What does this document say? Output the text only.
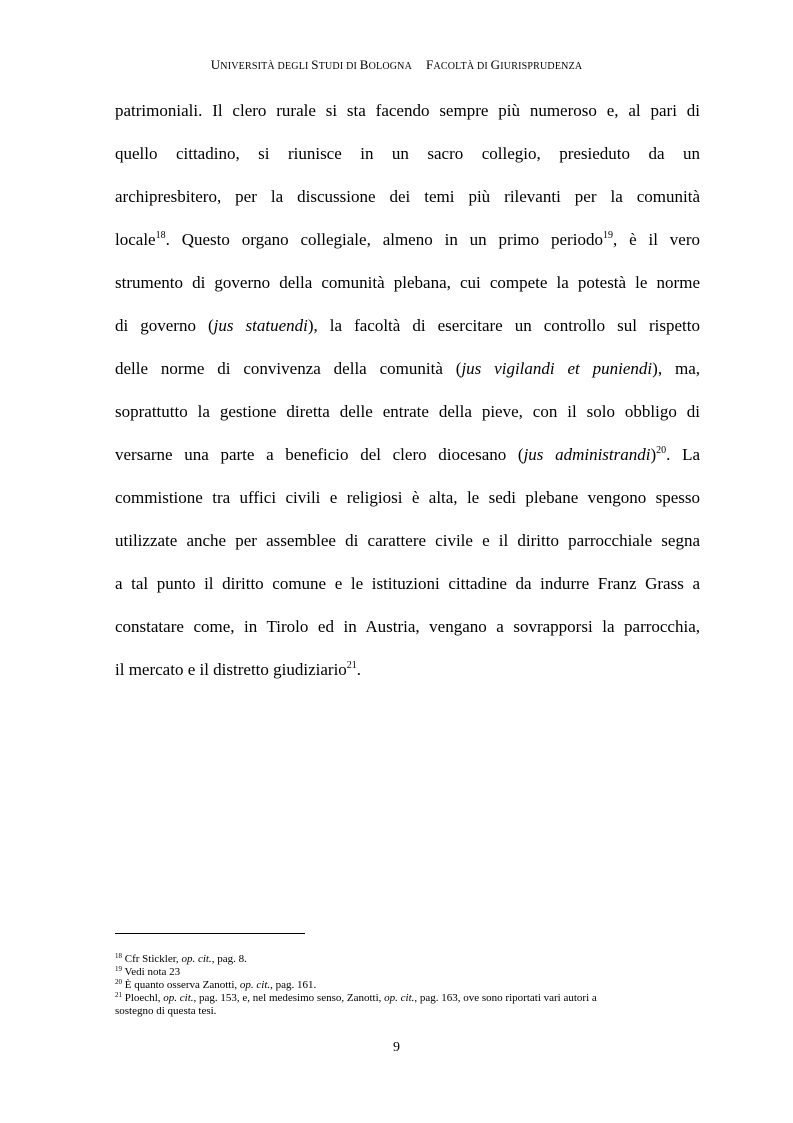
UNIVERSITÀ DEGLI STUDI DI BOLOGNA FACOLTÀ DI GIURISPRUDENZA
patrimoniali. Il clero rurale si sta facendo sempre più numeroso e, al pari di
quello cittadino, si riunisce in un sacro collegio, presieduto da un
archipresbitero, per la discussione dei temi più rilevanti per la comunità
locale$^{18}$. Questo organo collegiale, almeno in un primo periodo$^{19}$, è il vero
strumento di governo della comunità plebana, cui compete la potestà le norme
di governo (jus statuendi), la facoltà di esercitare un controllo sul rispetto
delle norme di convivenza della comunità (jus vigilandi et puniendi), ma,
soprattutto la gestione diretta delle entrate della pieve, con il solo obbligo di
versarne una parte a beneficio del clero diocesano (jus administrandi)$^{20}$. La
commistione tra uffici civili e religiosi è alta, le sedi plebane vengono spesso
utilizzate anche per assemblee di carattere civile e il diritto parrocchiale segna
a tal punto il diritto comune e le istituzioni cittadine da indurre Franz Grass a
constatare come, in Tirolo ed in Austria, vengano a sovrapporsi la parrocchia,
il mercato e il distretto giudiziario$^{21}$.
$^{18}$ Cfr Stickler, op. cit., pag. 8.
$^{19}$ Vedi nota 23
$^{20}$ È quanto osserva Zanotti, op. cit., pag. 161.
$^{21}$ Ploechl, op. cit., pag. 153, e, nel medesimo senso, Zanotti, op. cit., pag. 163, ove sono riportati vari autori a
sostegno di questa tesi.
9
